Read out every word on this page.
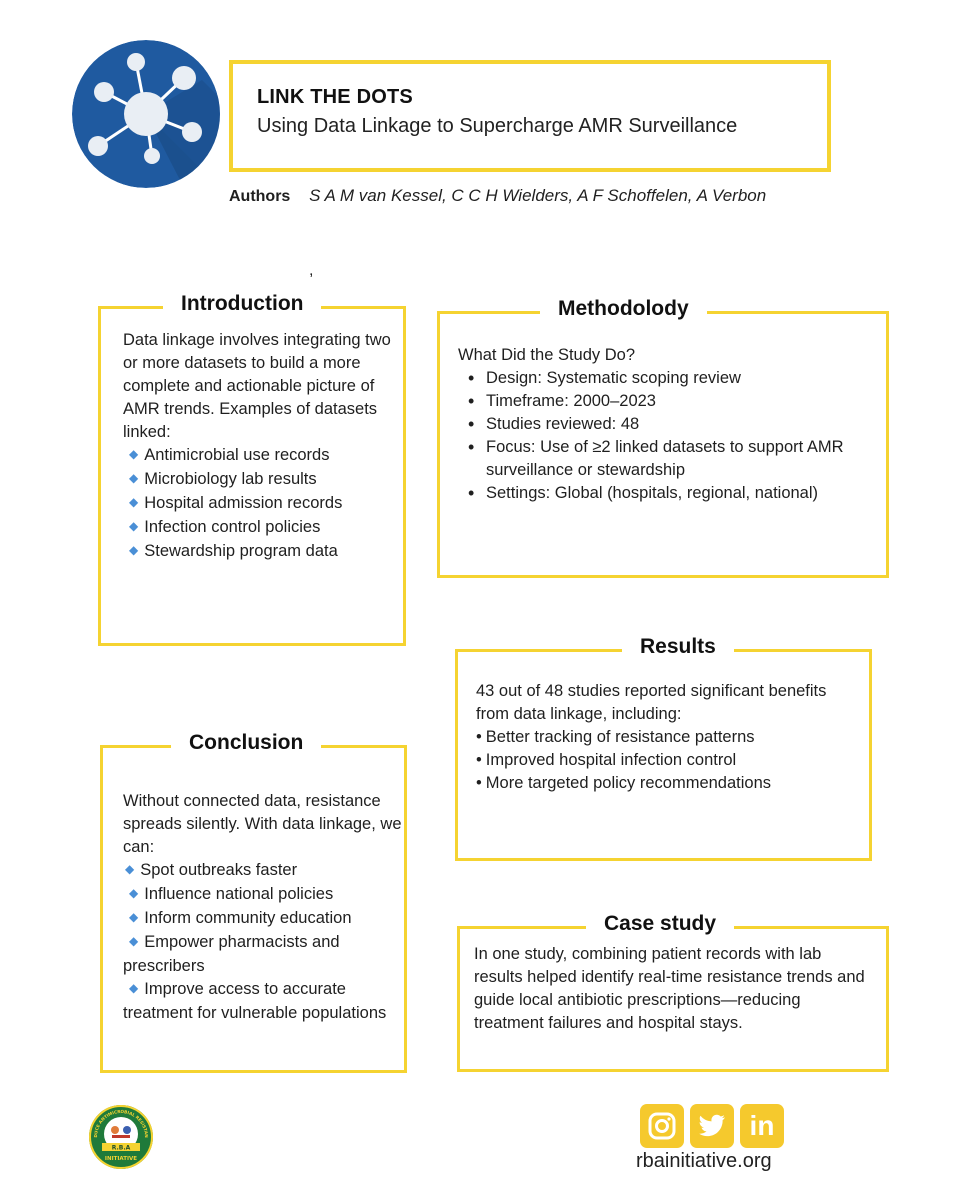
LINK THE DOTS
Using Data Linkage to Supercharge AMR Surveillance
Authors S A M van Kessel, C C H Wielders, A F Schoffelen, A Verbon
,
Introduction
Data linkage involves integrating two or more datasets to build a more complete and actionable picture of AMR trends. Examples of datasets linked:
◆ Antimicrobial use records
◆ Microbiology lab results
◆ Hospital admission records
◆ Infection control policies
◆ Stewardship program data
Methodolody
What Did the Study Do?
• Design: Systematic scoping review
• Timeframe: 2000–2023
• Studies reviewed: 48
• Focus: Use of ≥2 linked datasets to support AMR surveillance or stewardship
• Settings: Global (hospitals, regional, national)
Results
43 out of 48 studies reported significant benefits from data linkage, including:
• Better tracking of resistance patterns
• Improved hospital infection control
• More targeted policy recommendations
Conclusion
Without connected data, resistance spreads silently. With data linkage, we can:
◆ Spot outbreaks faster
◆ Influence national policies
◆ Inform community education
◆ Empower pharmacists and prescribers
◆ Improve access to accurate treatment for vulnerable populations
Case study
In one study, combining patient records with lab results helped identify real-time resistance trends and guide local antibiotic prescriptions—reducing treatment failures and hospital stays.
DUCE ANTIMICROBIAL RESISTAN
R.B.A
INITIATIVE
in
rbainitiative.org
